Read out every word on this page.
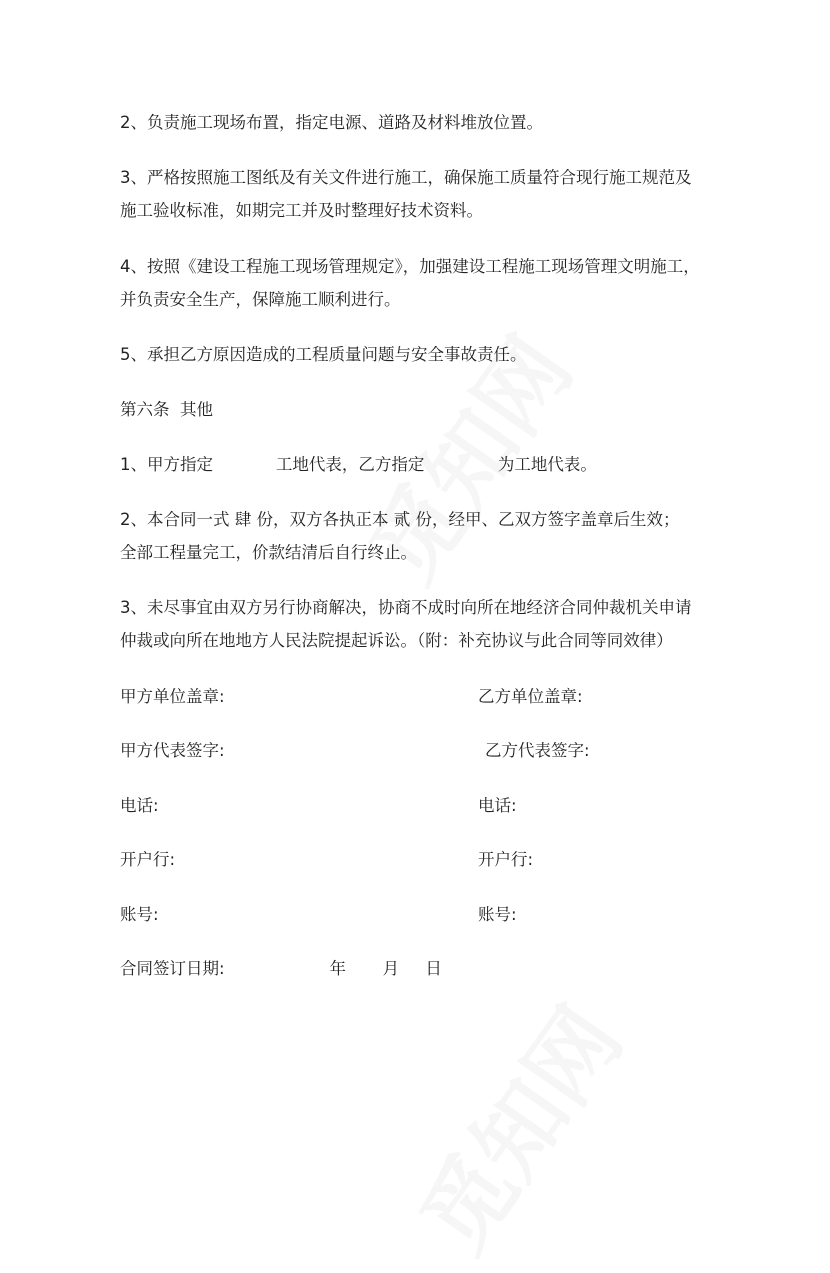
2、负责施工现场布置，指定电源、道路及材料堆放位置。
3、严格按照施工图纸及有关文件进行施工，确保施工质量符合现行施工规范及
施工验收标准，如期完工并及时整理好技术资料。
4、按照《建设工程施工现场管理规定》，加强建设工程施工现场管理文明施工，
并负责安全生产，保障施工顺利进行。
5、承担乙方原因造成的工程质量问题与安全事故责任。
第六条  其他
1、甲方指定            工地代表，乙方指定              为工地代表。
2、本合同一式 肆 份，双方各执正本 贰 份，经甲、乙双方签字盖章后生效；
全部工程量完工，价款结清后自行终止。
3、未尽事宜由双方另行协商解决，协商不成时向所在地经济合同仲裁机关申请
仲裁或向所在地地方人民法院提起诉讼。（附：补充协议与此合同等同效律）
甲方单位盖章:	乙方单位盖章:
甲方代表签字:	乙方代表签字:
电话:	电话:
开户行:	开户行:
账号:	账号:
合同签订日期:                    年       月     日
